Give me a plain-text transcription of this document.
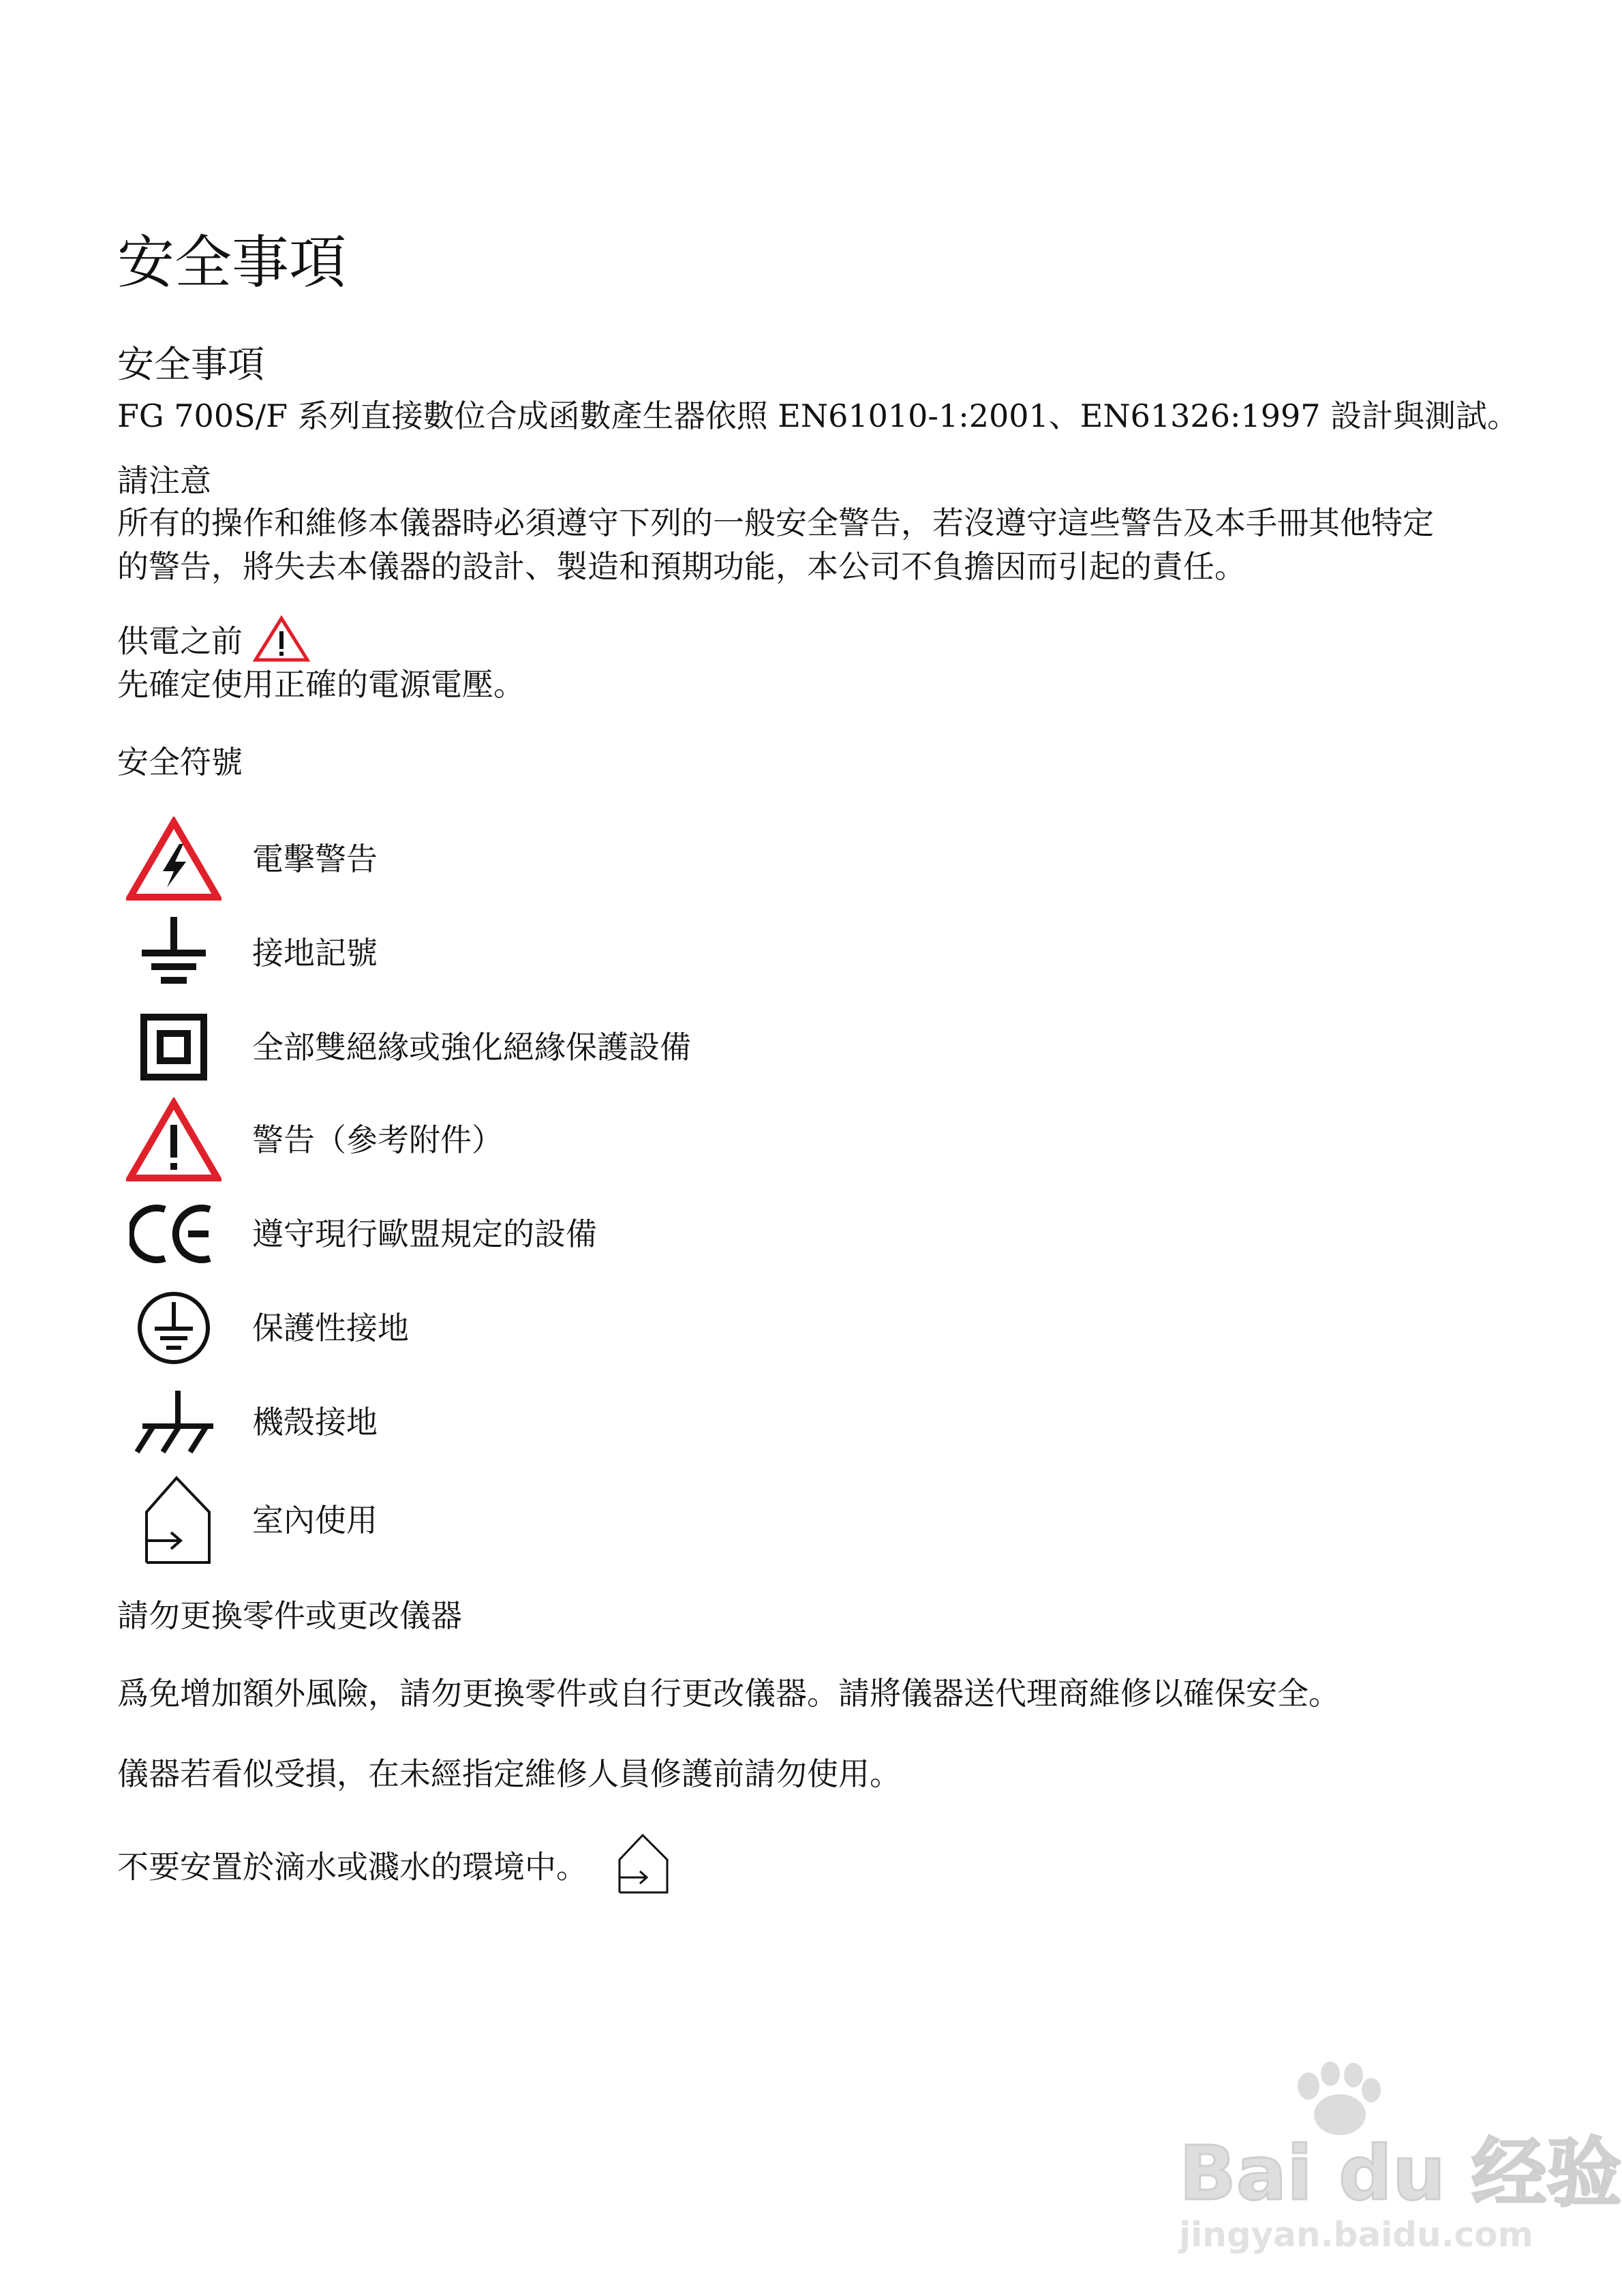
安全事項
安全事項
FG 700S/F 系列直接數位合成函數產生器依照 EN61010-1:2001、EN61326:1997 設計與測試。
請注意
所有的操作和維修本儀器時必須遵守下列的一般安全警告，若沒遵守這些警告及本手冊其他特定
的警告，將失去本儀器的設計、製造和預期功能，本公司不負擔因而引起的責任。
供電之前
先確定使用正確的電源電壓。
安全符號
電擊警告
接地記號
全部雙絕緣或強化絕緣保護設備
警告（參考附件）
遵守現行歐盟規定的設備
保護性接地
機殼接地
室內使用
請勿更換零件或更改儀器
爲免增加額外風險，請勿更換零件或自行更改儀器。請將儀器送代理商維修以確保安全。
儀器若看似受損，在未經指定維修人員修護前請勿使用。
不要安置於滴水或濺水的環境中。
Bai du 经验
jingyan.baidu.com
